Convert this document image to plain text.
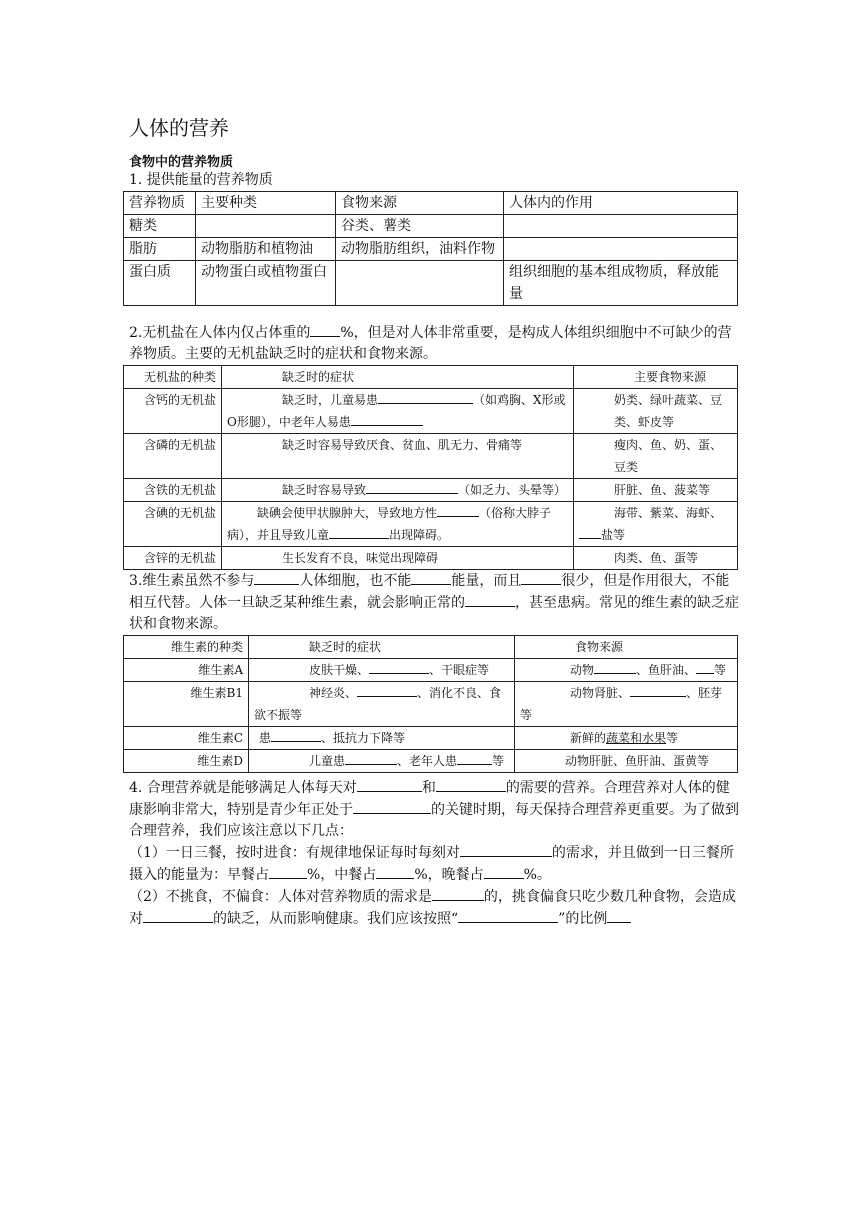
人体的营养
食物中的营养物质
1. 提供能量的营养物质
营养物质	主要种类	食物来源	人体内的作用
糖类		谷类、薯类	
脂肪	动物脂肪和植物油	动物脂肪组织，油料作物	
蛋白质	动物蛋白或植物蛋白		组织细胞的基本组成物质，释放能量

2.无机盐在人体内仅占体重的 %，但是对人体非常重要，是构成人体组织细胞中不可缺少的营养物质。主要的无机盐缺乏时的症状和食物来源。

无机盐的种类	缺乏时的症状	主要食物来源
含钙的无机盐	缺乏时，儿童易患 （如鸡胸、X形或O形腿），中老年人易患	奶类、绿叶蔬菜、豆类、虾皮等
含磷的无机盐	缺乏时容易导致厌食、贫血、肌无力、骨痛等	瘦肉、鱼、奶、蛋、豆类
含铁的无机盐	缺乏时容易导致 （如乏力、头晕等）	肝脏、鱼、菠菜等
含碘的无机盐	缺碘会使甲状腺肿大，导致地方性 （俗称大脖子病），并且导致儿童 出现障碍。	海带、紫菜、海虾、盐等
含锌的无机盐	生长发育不良，味觉出现障碍	肉类、鱼、蛋等

3.维生素虽然不参与	人体细胞，也不能	能量，而且	很少，但是作用很大，不能相互代替。人体一旦缺乏某种维生素，就会影响正常的	，甚至患病。常见的维生素的缺乏症状和食物来源。

维生素的种类	缺乏时的症状	食物来源
维生素A	皮肤干燥、 、干眼症等	动物 、鱼肝油、 等
维生素B1	神经炎、 、消化不良、食欲不振等	动物肾脏、 、胚芽等
维生素C	患 、抵抗力下降等	新鲜的蔬菜和水果等
维生素D	儿童患 、老年人患 等	动物肝脏、鱼肝油、蛋黄等

4. 合理营养就是能够满足人体每天对	和	的需要的营养。合理营养对人体的健康影响非常大，特别是青少年正处于	的关键时期，每天保持合理营养更重要。为了做到合理营养，我们应该注意以下几点：

（1）一日三餐，按时进食：有规律地保证每时每刻对	的需求，并且做到一日三餐所摄入的能量为：早餐占	%，中餐占	%，晚餐占	%。

（2）不挑食，不偏食：人体对营养物质的需求是	的，挑食偏食只吃少数几种食物，会造成对	的缺乏，从而影响健康。我们应该按照“	”的比例
